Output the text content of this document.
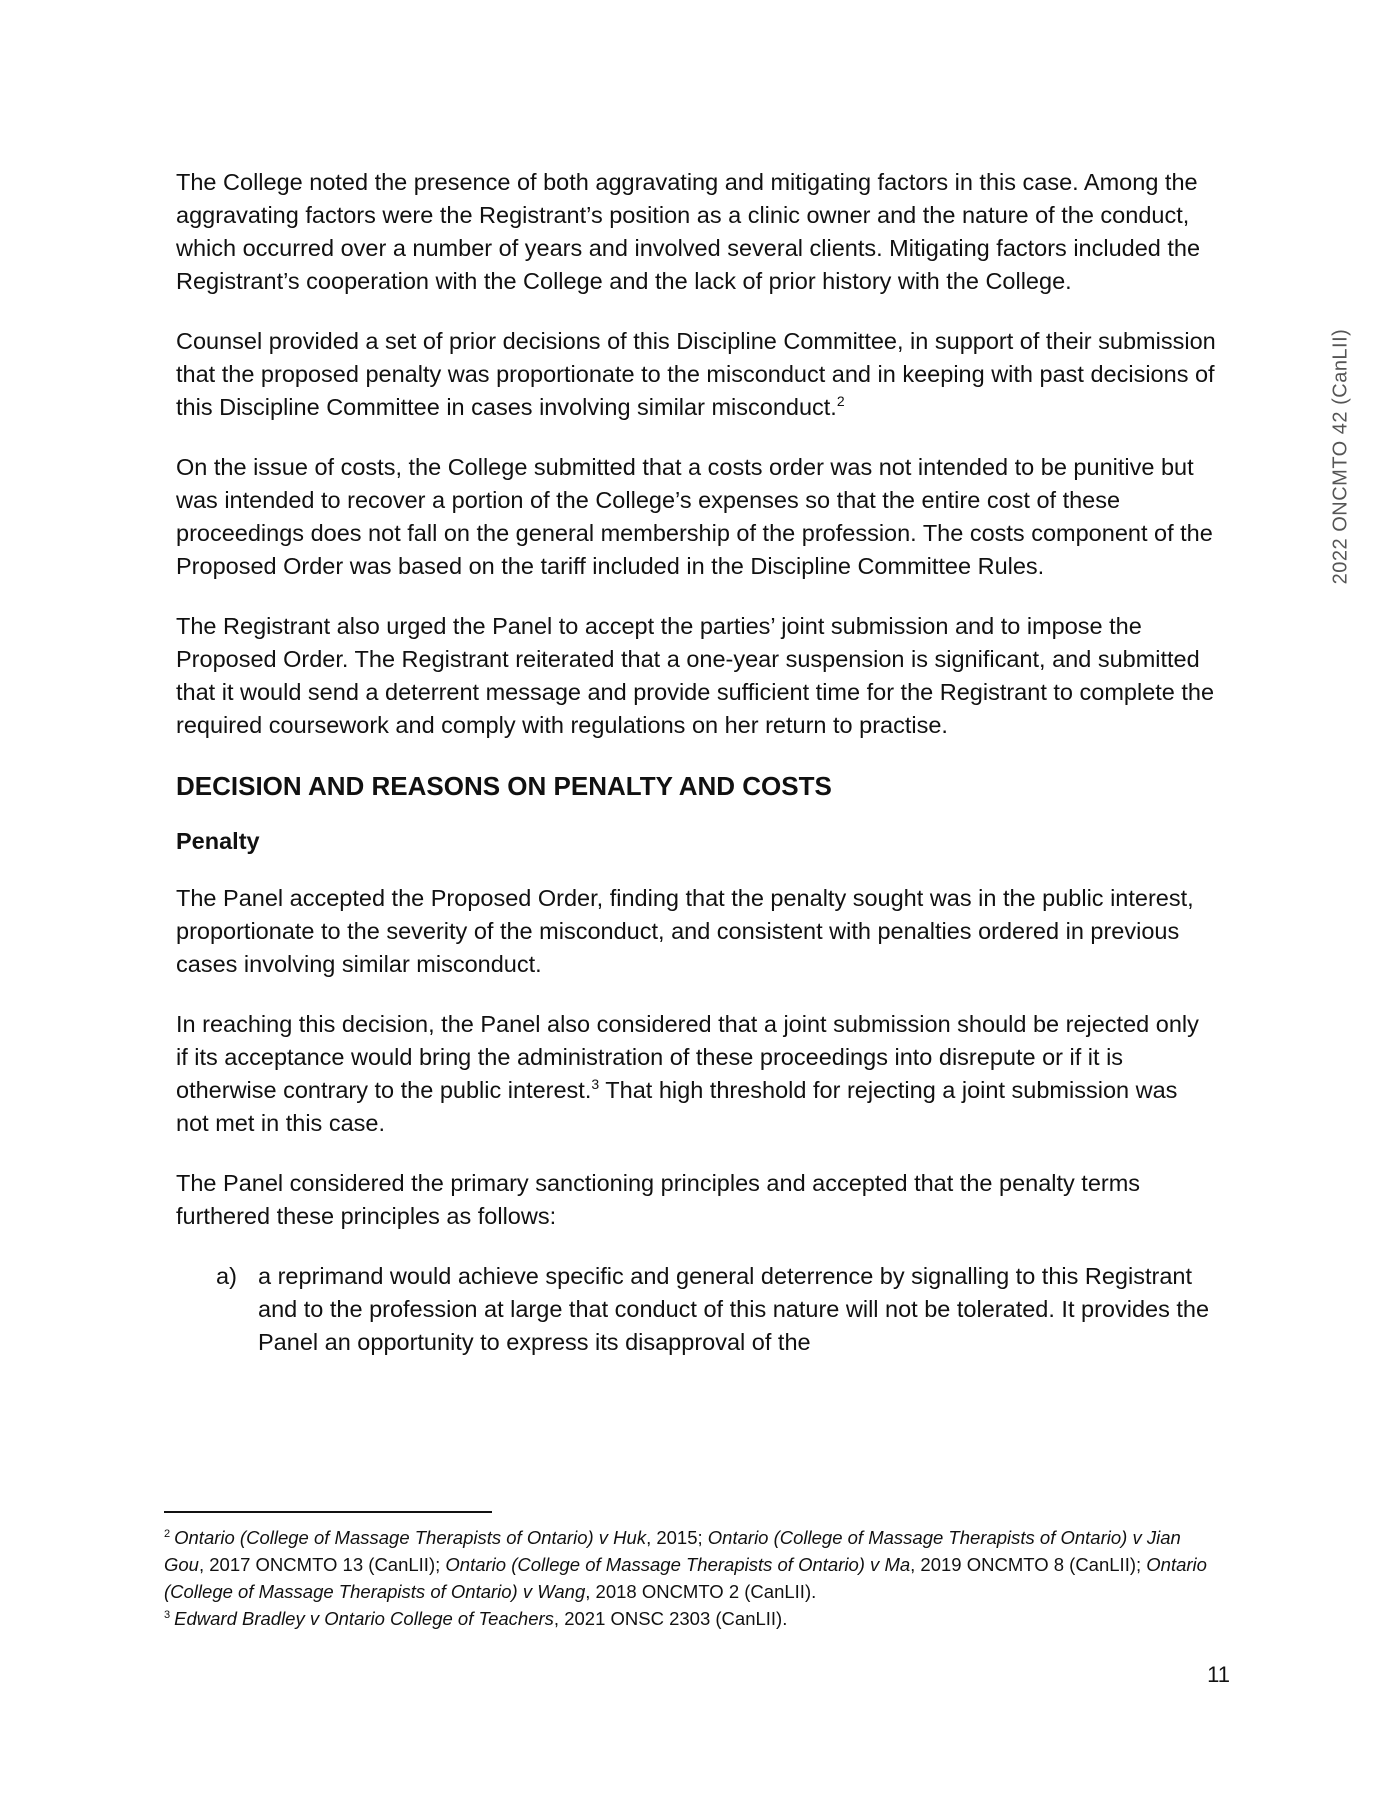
2022 ONCMTO 42 (CanLII)

The College noted the presence of both aggravating and mitigating factors in this case. Among the aggravating factors were the Registrant’s position as a clinic owner and the nature of the conduct, which occurred over a number of years and involved several clients. Mitigating factors included the Registrant’s cooperation with the College and the lack of prior history with the College.

Counsel provided a set of prior decisions of this Discipline Committee, in support of their submission that the proposed penalty was proportionate to the misconduct and in keeping with past decisions of this Discipline Committee in cases involving similar misconduct.$^2$

On the issue of costs, the College submitted that a costs order was not intended to be punitive but was intended to recover a portion of the College’s expenses so that the entire cost of these proceedings does not fall on the general membership of the profession. The costs component of the Proposed Order was based on the tariff included in the Discipline Committee Rules.

The Registrant also urged the Panel to accept the parties’ joint submission and to impose the Proposed Order. The Registrant reiterated that a one-year suspension is significant, and submitted that it would send a deterrent message and provide sufficient time for the Registrant to complete the required coursework and comply with regulations on her return to practise.

DECISION AND REASONS ON PENALTY AND COSTS
Penalty

The Panel accepted the Proposed Order, finding that the penalty sought was in the public interest, proportionate to the severity of the misconduct, and consistent with penalties ordered in previous cases involving similar misconduct.

In reaching this decision, the Panel also considered that a joint submission should be rejected only if its acceptance would bring the administration of these proceedings into disrepute or if it is otherwise contrary to the public interest.$^3$ That high threshold for rejecting a joint submission was not met in this case.

The Panel considered the primary sanctioning principles and accepted that the penalty terms furthered these principles as follows:

a) a reprimand would achieve specific and general deterrence by signalling to this Registrant and to the profession at large that conduct of this nature will not be tolerated. It provides the Panel an opportunity to express its disapproval of the
$^2$ Ontario (College of Massage Therapists of Ontario) v Huk, 2015; Ontario (College of Massage Therapists of Ontario) v Jian Gou, 2017 ONCMTO 13 (CanLII); Ontario (College of Massage Therapists of Ontario) v Ma, 2019 ONCMTO 8 (CanLII); Ontario (College of Massage Therapists of Ontario) v Wang, 2018 ONCMTO 2 (CanLII).
$^3$ Edward Bradley v Ontario College of Teachers, 2021 ONSC 2303 (CanLII).
11
